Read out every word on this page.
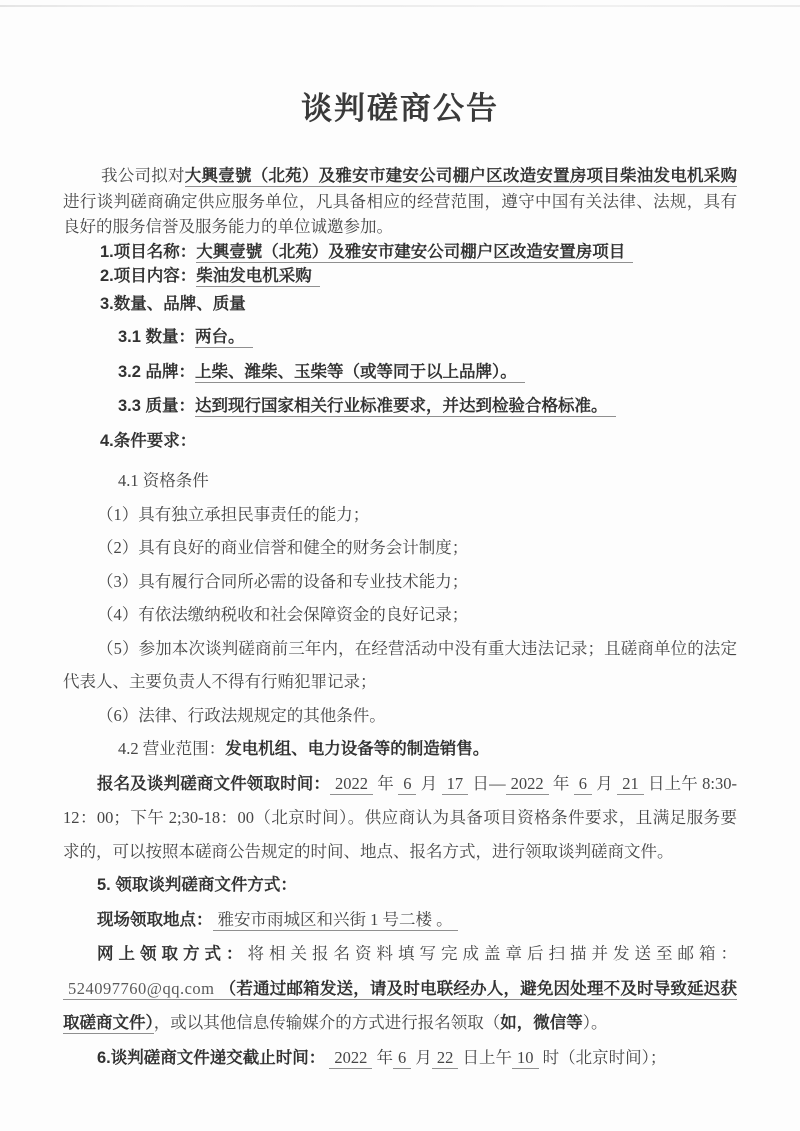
谈判磋商公告

我公司拟对大興壹號（北苑）及雅安市建安公司棚户区改造安置房项目柴油发电机采购进行谈判磋商确定供应服务单位，凡具备相应的经营范围，遵守中国有关法律、法规，具有良好的服务信誉及服务能力的单位诚邀参加。

1.项目名称：大興壹號（北苑）及雅安市建安公司棚户区改造安置房项目

2.项目内容：柴油发电机采购

3.数量、品牌、质量

3.1 数量：两台。

3.2 品牌：上柴、潍柴、玉柴等（或等同于以上品牌）。

3.3 质量：达到现行国家相关行业标准要求，并达到检验合格标准。

4.条件要求：

4.1 资格条件

（1）具有独立承担民事责任的能力；

（2）具有良好的商业信誉和健全的财务会计制度；

（3）具有履行合同所必需的设备和专业技术能力；

（4）有依法缴纳税收和社会保障资金的良好记录；

（5）参加本次谈判磋商前三年内，在经营活动中没有重大违法记录；且磋商单位的法定代表人、主要负责人不得有行贿犯罪记录；

（6）法律、行政法规规定的其他条件。

4.2 营业范围：发电机组、电力设备等的制造销售。

报名及谈判磋商文件领取时间： 2022 年 6 月 17 日— 2022 年 6 月 21 日上午 8:30-12：00；下午 2;30-18：00（北京时间）。供应商认为具备项目资格条件要求，且满足服务要求的，可以按照本磋商公告规定的时间、地点、报名方式，进行领取谈判磋商文件。

5. 领取谈判磋商文件方式：

现场领取地点： 雅安市雨城区和兴街 1 号二楼 。

网上领取方式：将相关报名资料填写完成盖章后扫描并发送至邮箱：524097760@qq.com （若通过邮箱发送，请及时电联经办人，避免因处理不及时导致延迟获取磋商文件），或以其他信息传输媒介的方式进行报名领取（如，微信等）。

6.谈判磋商文件递交截止时间： 2022 年 6 月 22 日上午 10 时（北京时间）；
